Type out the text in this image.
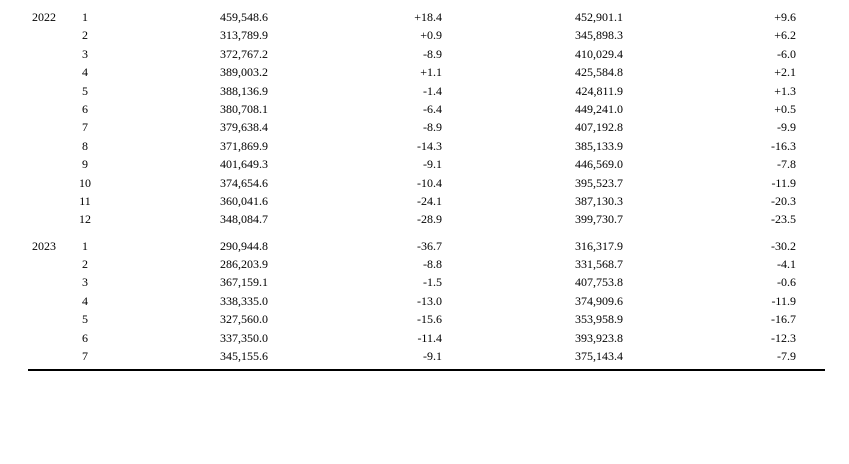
2022	1	459,548.6	+18.4	452,901.1	+9.6
2	313,789.9	+0.9	345,898.3	+6.2
3	372,767.2	-8.9	410,029.4	-6.0
4	389,003.2	+1.1	425,584.8	+2.1
5	388,136.9	-1.4	424,811.9	+1.3
6	380,708.1	-6.4	449,241.0	+0.5
7	379,638.4	-8.9	407,192.8	-9.9
8	371,869.9	-14.3	385,133.9	-16.3
9	401,649.3	-9.1	446,569.0	-7.8
10	374,654.6	-10.4	395,523.7	-11.9
11	360,041.6	-24.1	387,130.3	-20.3
12	348,084.7	-28.9	399,730.7	-23.5
2023	1	290,944.8	-36.7	316,317.9	-30.2
2	286,203.9	-8.8	331,568.7	-4.1
3	367,159.1	-1.5	407,753.8	-0.6
4	338,335.0	-13.0	374,909.6	-11.9
5	327,560.0	-15.6	353,958.9	-16.7
6	337,350.0	-11.4	393,923.8	-12.3
7	345,155.6	-9.1	375,143.4	-7.9
